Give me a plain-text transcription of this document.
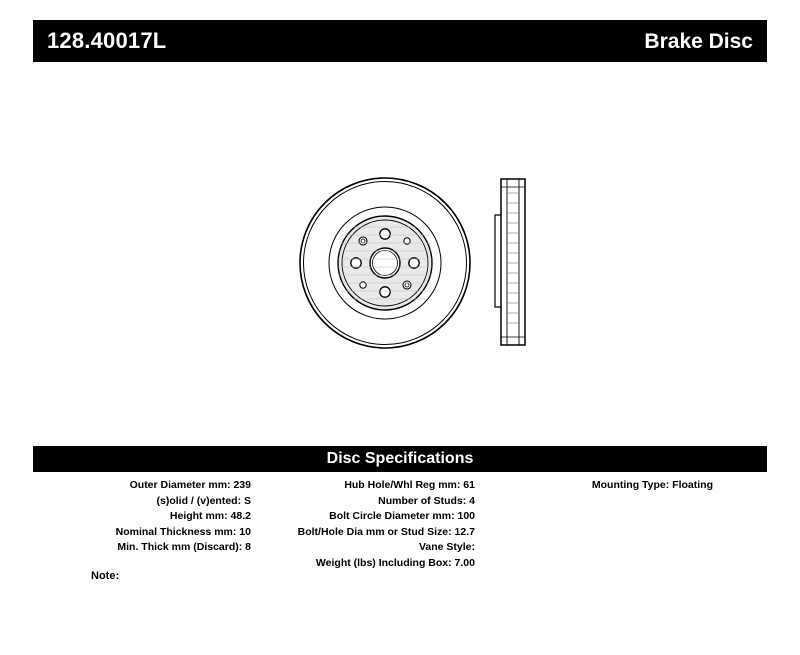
128.40017L	Brake Disc
Disc Specifications
Outer Diameter mm: 239
(s)olid / (v)ented: S
Height mm: 48.2
Nominal Thickness mm: 10
Min. Thick mm (Discard): 8
Hub Hole/Whl Reg mm: 61
Number of Studs: 4
Bolt Circle Diameter mm: 100
Bolt/Hole Dia mm or Stud Size: 12.7
Vane Style:
Weight (lbs) Including Box: 7.00
Mounting Type: Floating
Note:
